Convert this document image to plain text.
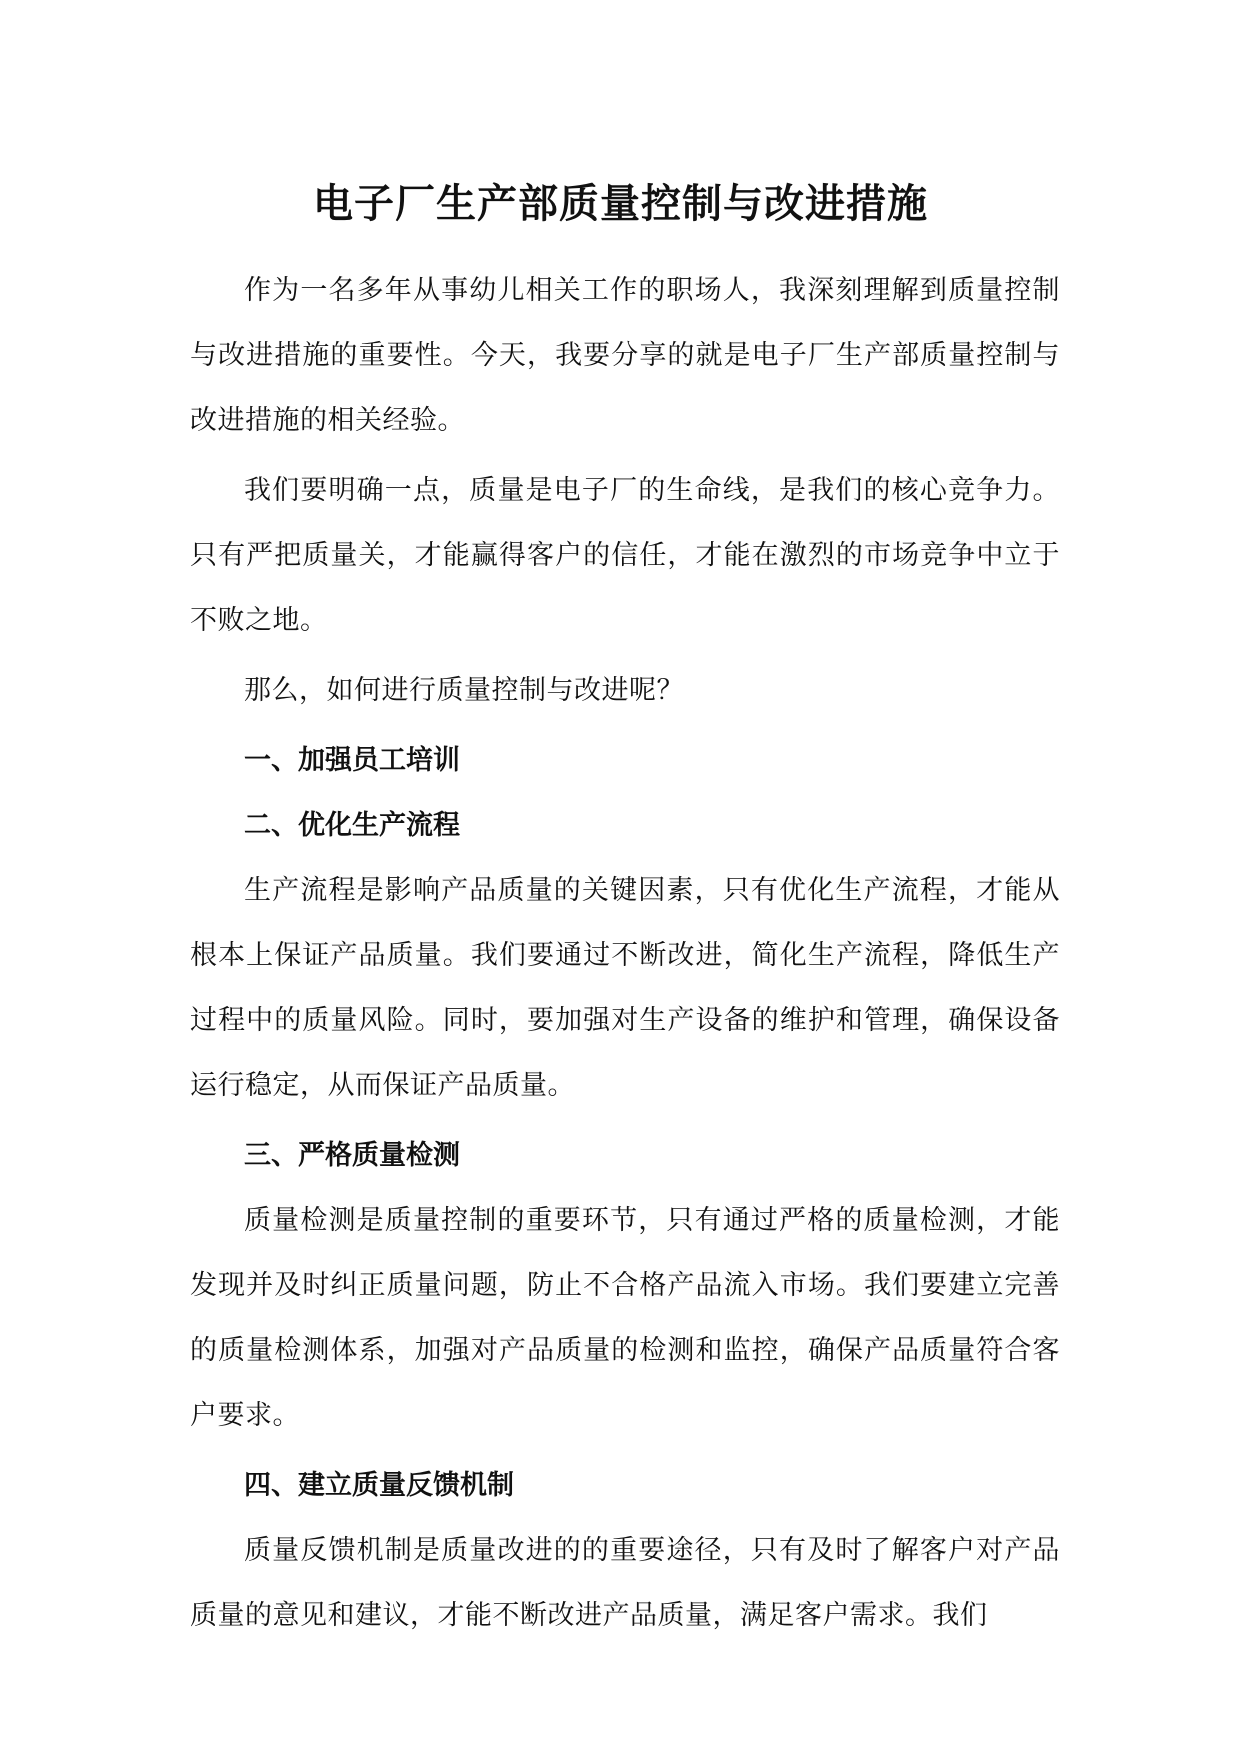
电子厂生产部质量控制与改进措施

作为一名多年从事幼儿相关工作的职场人，我深刻理解到质量控制与改进措施的重要性。今天，我要分享的就是电子厂生产部质量控制与改进措施的相关经验。

我们要明确一点，质量是电子厂的生命线，是我们的核心竞争力。只有严把质量关，才能赢得客户的信任，才能在激烈的市场竞争中立于不败之地。

那么，如何进行质量控制与改进呢？

一、加强员工培训

二、优化生产流程

生产流程是影响产品质量的关键因素，只有优化生产流程，才能从根本上保证产品质量。我们要通过不断改进，简化生产流程，降低生产过程中的质量风险。同时，要加强对生产设备的维护和管理，确保设备运行稳定，从而保证产品质量。

三、严格质量检测

质量检测是质量控制的重要环节，只有通过严格的质量检测，才能发现并及时纠正质量问题，防止不合格产品流入市场。我们要建立完善的质量检测体系，加强对产品质量的检测和监控，确保产品质量符合客户要求。

四、建立质量反馈机制

质量反馈机制是质量改进的的重要途径，只有及时了解客户对产品质量的意见和建议，才能不断改进产品质量，满足客户需求。我们
